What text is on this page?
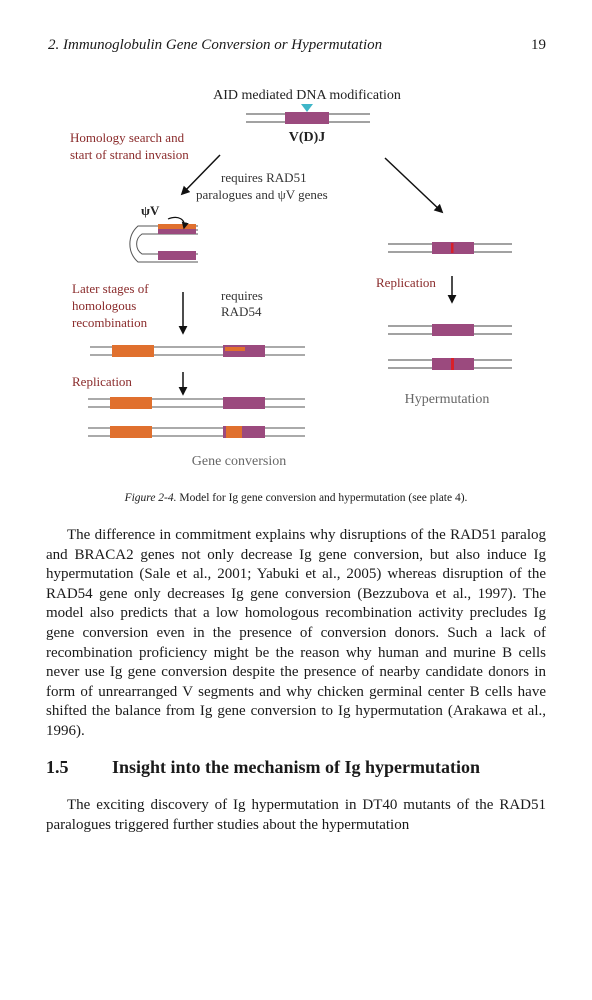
2. Immunoglobulin Gene Conversion or Hypermutation	19
AID mediated DNA modification
V(D)J
Homology search and
start of strand invasion
requires RAD51
paralogues and ψV genes
ψV
Later stages of
homologous
recombination
requires
RAD54
Replication
Gene conversion
Replication
Hypermutation
Figure 2-4. Model for Ig gene conversion and hypermutation (see plate 4).

The difference in commitment explains why disruptions of the RAD51 paralog and BRACA2 genes not only decrease Ig gene conversion, but also induce Ig hypermutation (Sale et al., 2001; Yabuki et al., 2005) whereas disruption of the RAD54 gene only decreases Ig gene conversion (Bezzubova et al., 1997). The model also predicts that a low homologous recombination activity precludes Ig gene conversion even in the presence of conversion donors. Such a lack of recombination proficiency might be the reason why human and murine B cells never use Ig gene conversion despite the presence of nearby candidate donors in form of unrearranged V segments and why chicken germinal center B cells have shifted the balance from Ig gene conversion to Ig hypermutation (Arakawa et al., 1996).

1.5 Insight into the mechanism of Ig hypermutation

The exciting discovery of Ig hypermutation in DT40 mutants of the RAD51 paralogues triggered further studies about the hypermutation
